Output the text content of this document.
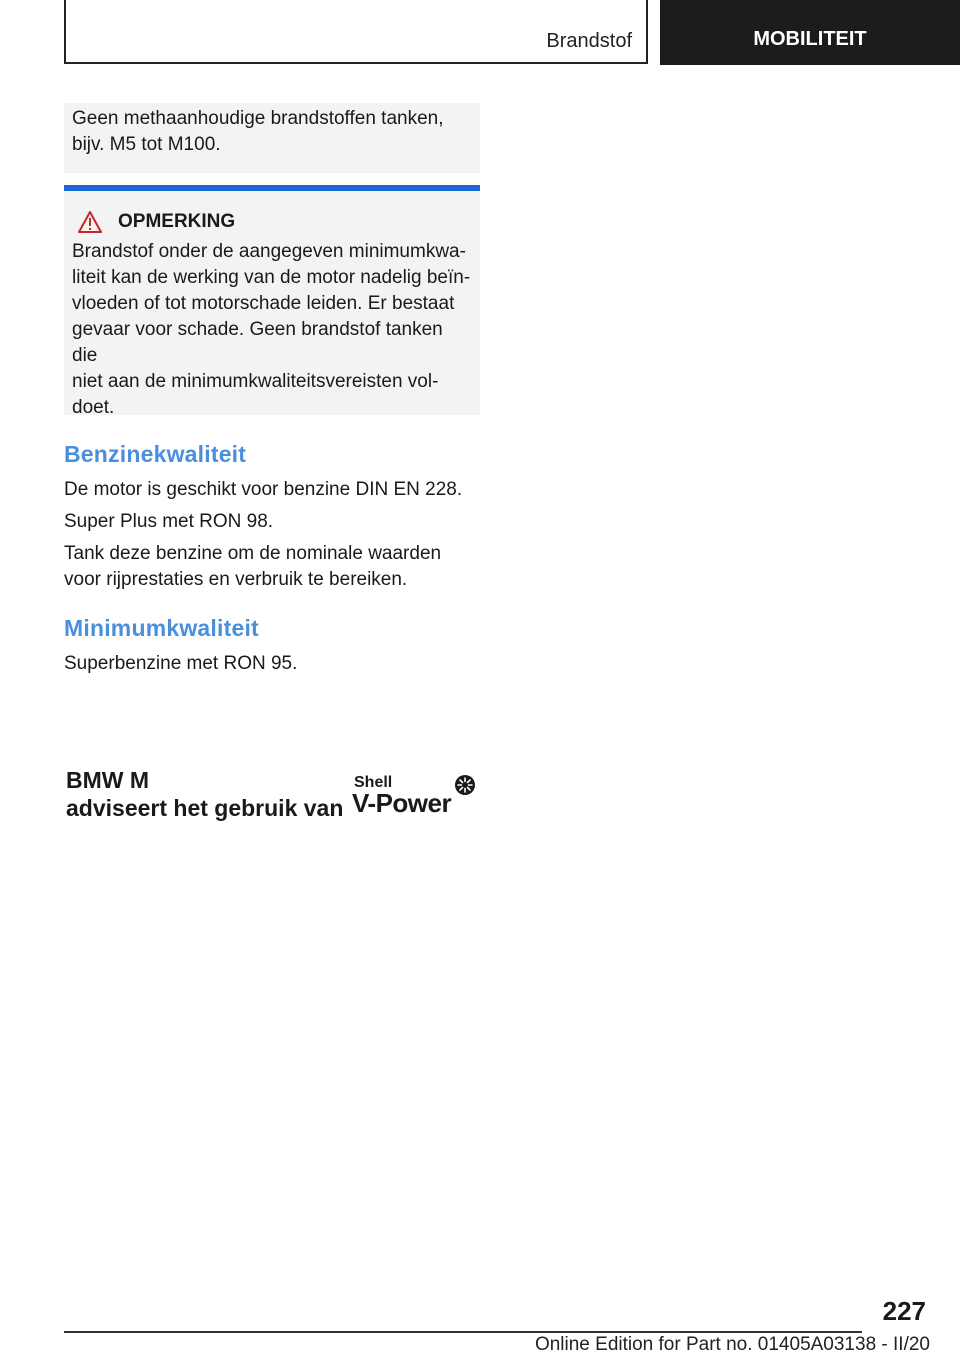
Brandstof	MOBILITEIT
Geen methaanhoudige brandstoffen tanken,
bijv. M5 tot M100.
OPMERKING
Brandstof onder de aangegeven minimumkwa-
liteit kan de werking van de motor nadelig beïn-
vloeden of tot motorschade leiden. Er bestaat
gevaar voor schade. Geen brandstof tanken die
niet aan de minimumkwaliteitsvereisten vol-
doet.
Benzinekwaliteit
De motor is geschikt voor benzine DIN EN 228.
Super Plus met RON 98.
Tank deze benzine om de nominale waarden
voor rijprestaties en verbruik te bereiken.
Minimumkwaliteit
Superbenzine met RON 95.
BMW M
adviseert het gebruik van
Shell
V-Power
227
Online Edition for Part no. 01405A03138 - II/20
